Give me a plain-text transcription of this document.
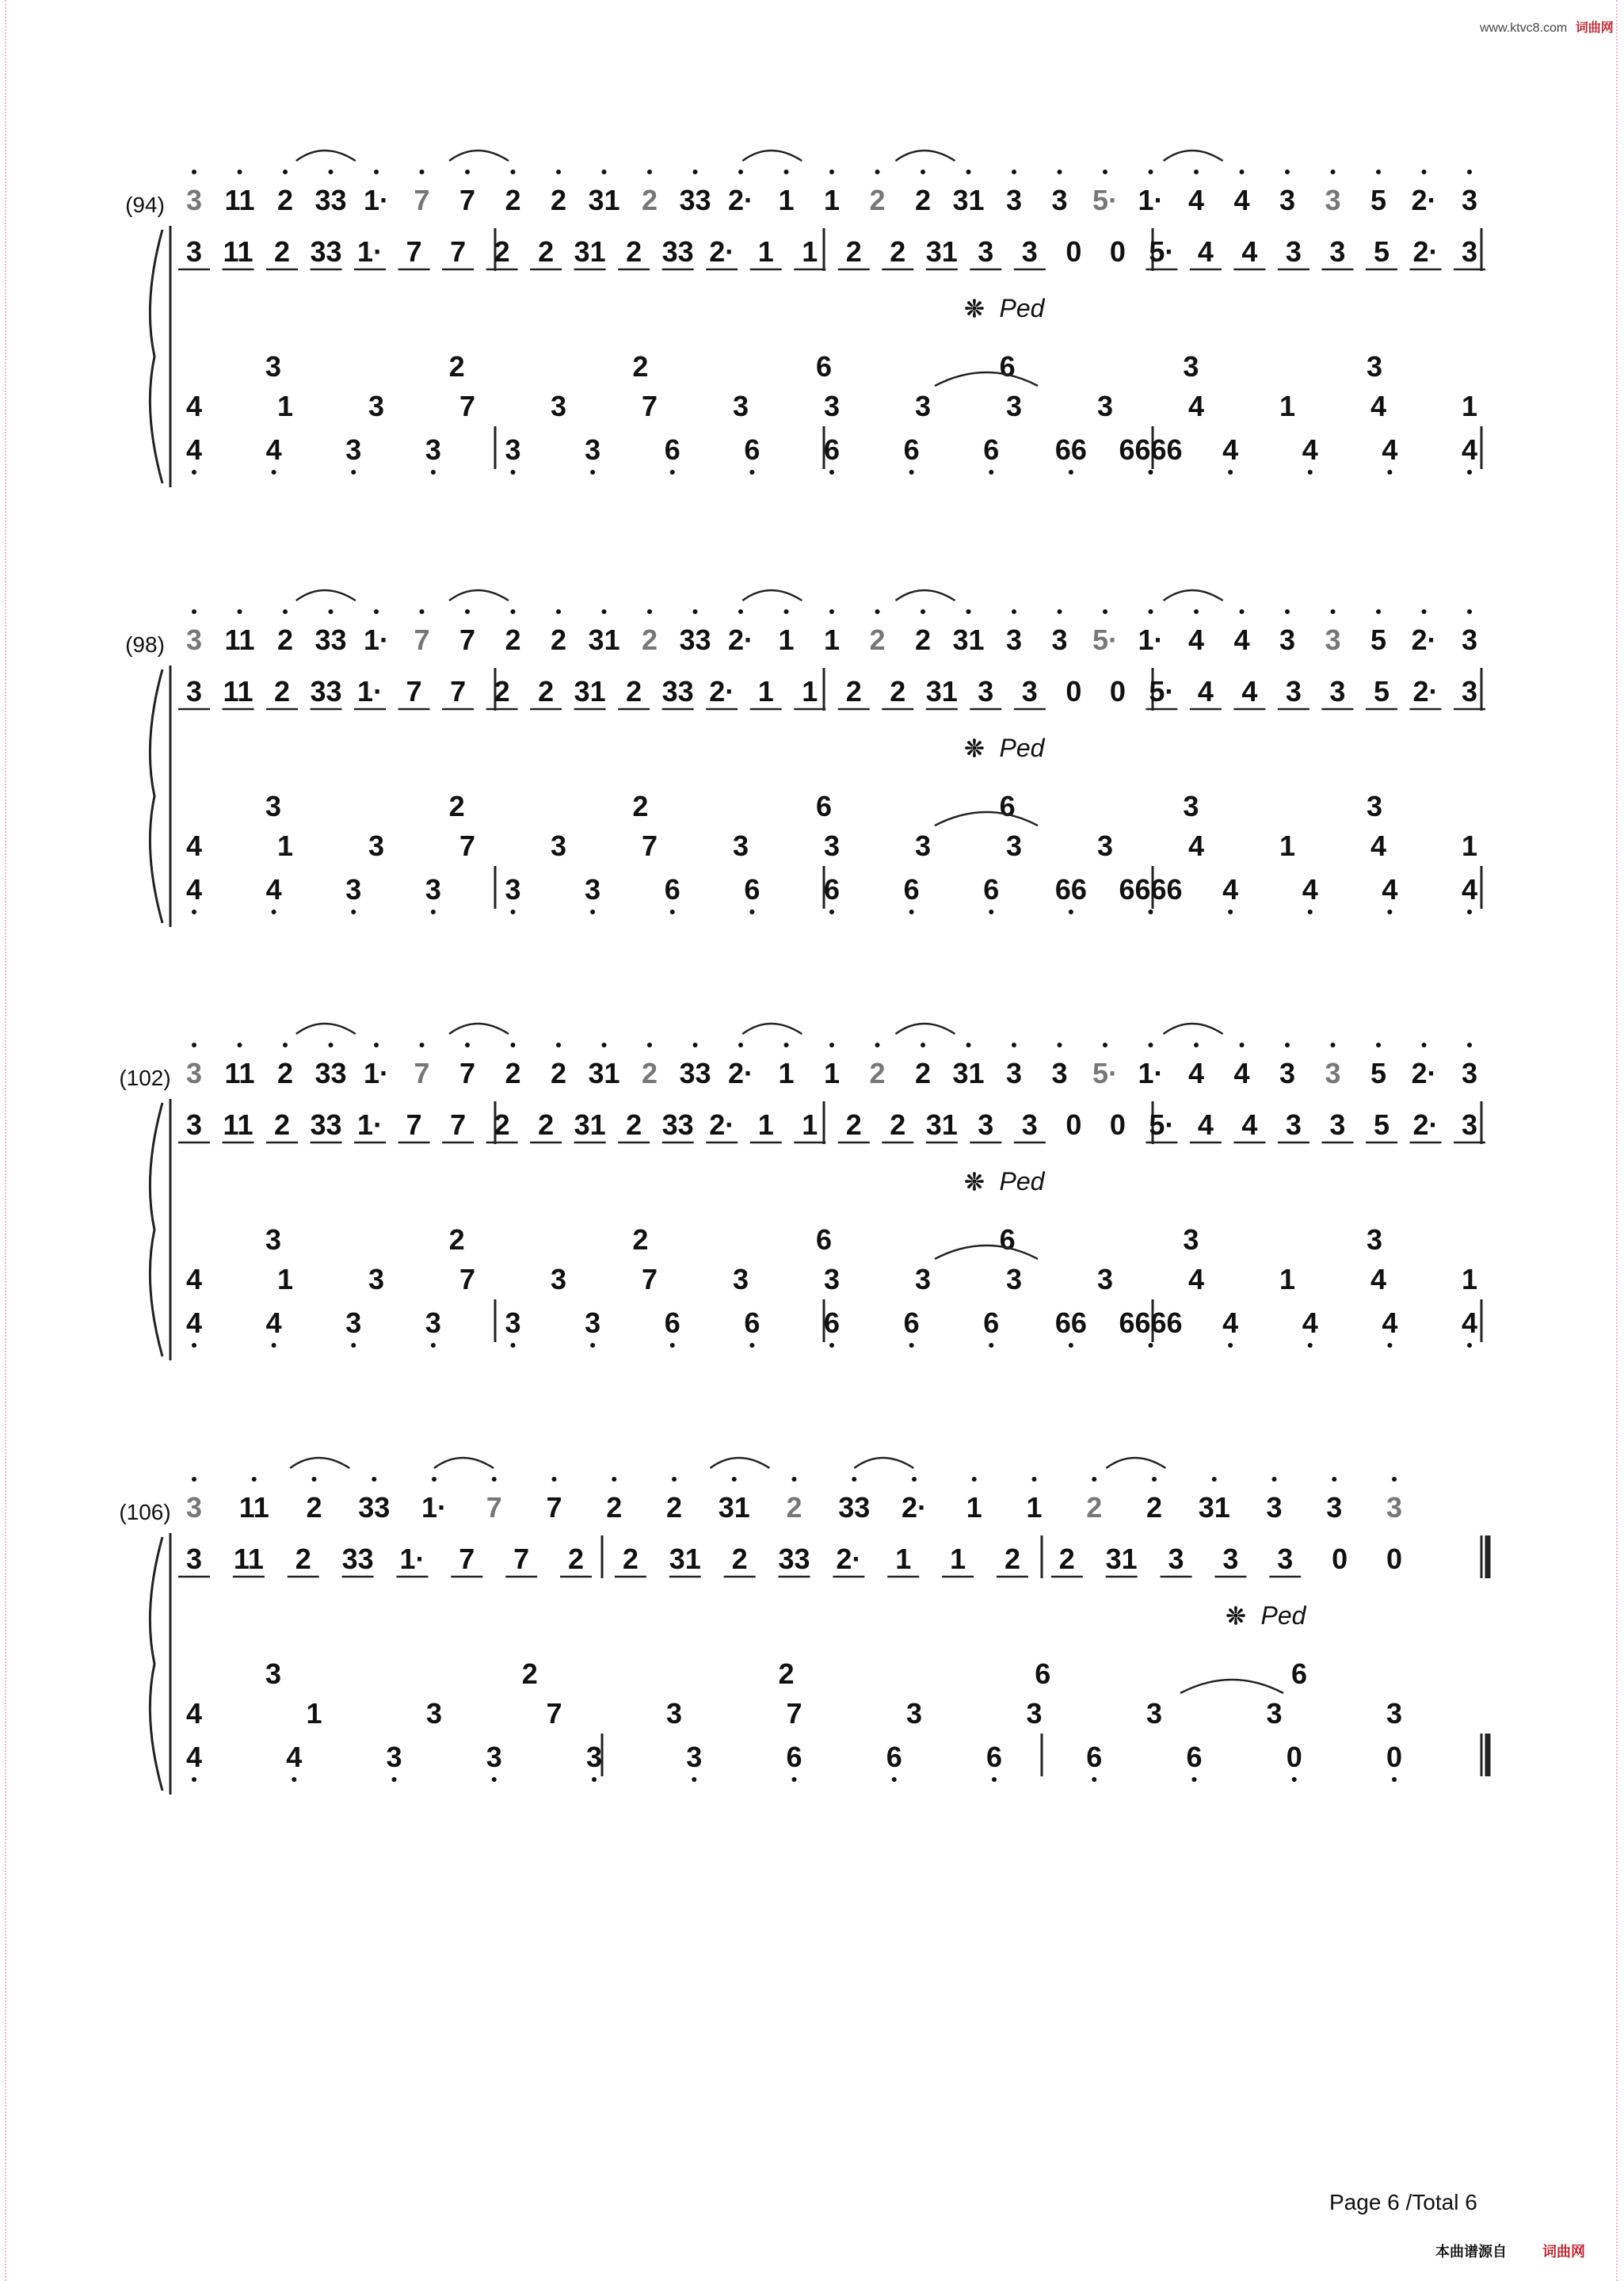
www.ktvc8.com 词曲网
(94) 3 11 2 33 1· 7 7 2 2 31 2 33 2· 1 1 2 2 31 3 3 5· 1· 4 4 3 3 5 2· 3
3 11 2 33 1· 7 7 2 2 31 2 33 2· 1 1 2 2 31 3 3 0 0 5· 4 4 3 3 5 2· 3
❊ Ped
3	2	2	6	6	3	3
4	1	3	7	3	7	3	3	3	3	3	4	1	4	1
4 4 3 3 3 3 6 6 6 6 6 66 6666 4 4 4 4
(98) 3 11 2 33 1· 7 7 2 2 31 2 33 2· 1 1 2 2 31 3 3 5· 1· 4 4 3 3 5 2· 3
3 11 2 33 1· 7 7 2 2 31 2 33 2· 1 1 2 2 31 3 3 0 0 5· 4 4 3 3 5 2· 3
❊ Ped
3	2	2	6	6	3	3
4	1	3	7	3	7	3	3	3	3	3	4	1	4	1
4 4 3 3 3 3 6 6 6 6 6 66 6666 4 4 4 4
(102) 3 11 2 33 1· 7 7 2 2 31 2 33 2· 1 1 2 2 31 3 3 5· 1· 4 4 3 3 5 2· 3
3 11 2 33 1· 7 7 2 2 31 2 33 2· 1 1 2 2 31 3 3 0 0 5· 4 4 3 3 5 2· 3
❊ Ped
3	2	2	6	6	3	3
4	1	3	7	3	7	3	3	3	3	3	4	1	4	1
4 4 3 3 3 3 6 6 6 6 6 66 6666 4 4 4 4
(106) 3 11 2 33 1· 7 7 2 2 31 2 33 2· 1 1 2 2 31 3 3 3
3 11 2 33 1· 7 7 2 2 31 2 33 2· 1 1 2 2 31 3 3 3 0 0
❊ Ped
3	2	2	6	6
4	1	3	7	3	7	3	3	3	3	3
4	4	3	3	3	3	6	6	6	6	6	0	0
Page 6 /Total 6
本曲谱源自	词曲网
